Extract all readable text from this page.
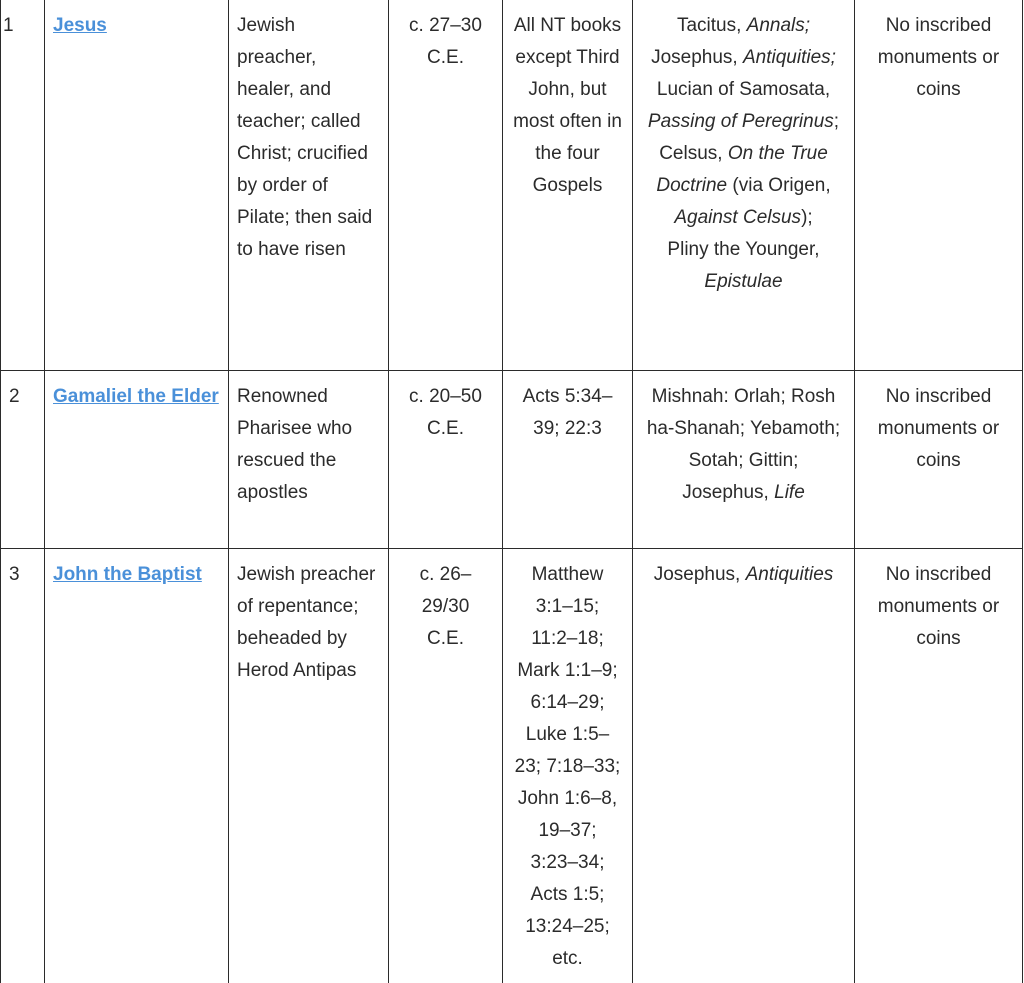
1	Jesus	Jewish preacher, healer, and teacher; called Christ; crucified by order of Pilate; then said to have risen	c. 27–30 C.E.	All NT books except Third John, but most often in the four Gospels	Tacitus, Annals;
Josephus, Antiquities;
Lucian of Samosata, Passing of Peregrinus;
Celsus, On the True Doctrine (via Origen, Against Celsus);
Pliny the Younger, Epistulae	No inscribed monuments or coins
2	Gamaliel the Elder	Renowned Pharisee who rescued the apostles	c. 20–50 C.E.	Acts 5:34–39; 22:3	Mishnah: Orlah; Rosh ha-Shanah; Yebamoth; Sotah; Gittin;
Josephus, Life	No inscribed monuments or coins
3	John the Baptist	Jewish preacher of repentance; beheaded by Herod Antipas	c. 26–29/30 C.E.	Matthew 3:1–15; 11:2–18; Mark 1:1–9; 6:14–29; Luke 1:5–23; 7:18–33; John 1:6–8, 19–37; 3:23–34; Acts 1:5; 13:24–25; etc.	Josephus, Antiquities	No inscribed monuments or coins
